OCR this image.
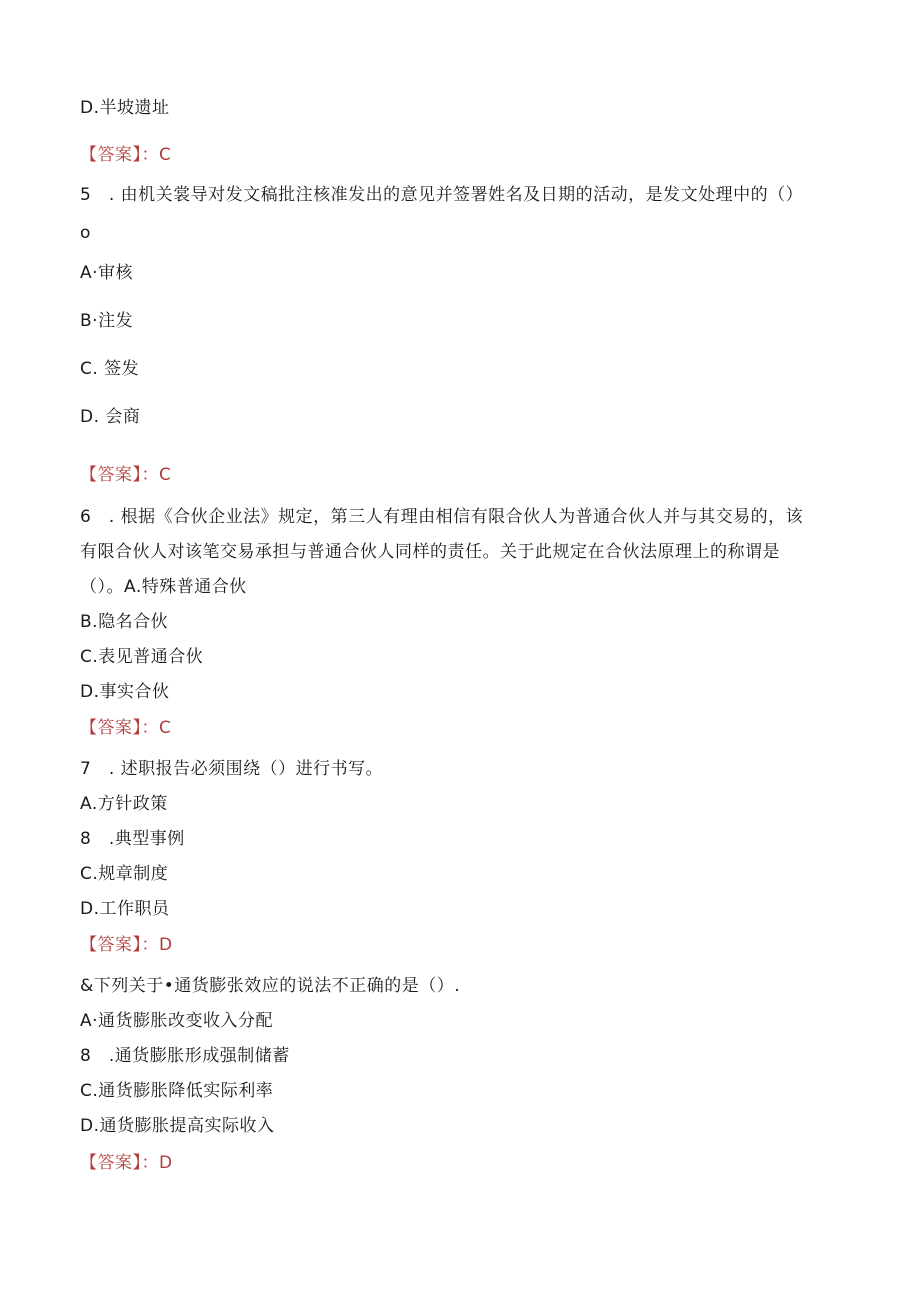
D.半坡遗址
【答案】：C
5　. 由机关裳导对发文稿批注核准发出的意见并签署姓名及日期的活动，是发文处理中的（）
o
A·审核
B·注发
C. 签发
D. 会商
【答案】：C
6　. 根据《合伙企业法》规定，第三人有理由相信有限合伙人为普通合伙人并与其交易的，该
有限合伙人对该笔交易承担与普通合伙人同样的责任。关于此规定在合伙法原理上的称谓是
（）。A.特殊普通合伙
B.隐名合伙
C.表见普通合伙
D.事实合伙
【答案】：C
7　. 述职报告必须围绕（）进行书写。
A.方针政策
8　.典型事例
C.规章制度
D.工作职员
【答案】：D
&下列关于•通货膨张效应的说法不正确的是（）.
A·通货膨胀改变收入分配
8　.通货膨胀形成强制储蓄
C.通货膨胀降低实际利率
D.通货膨胀提高实际收入
【答案】：D
